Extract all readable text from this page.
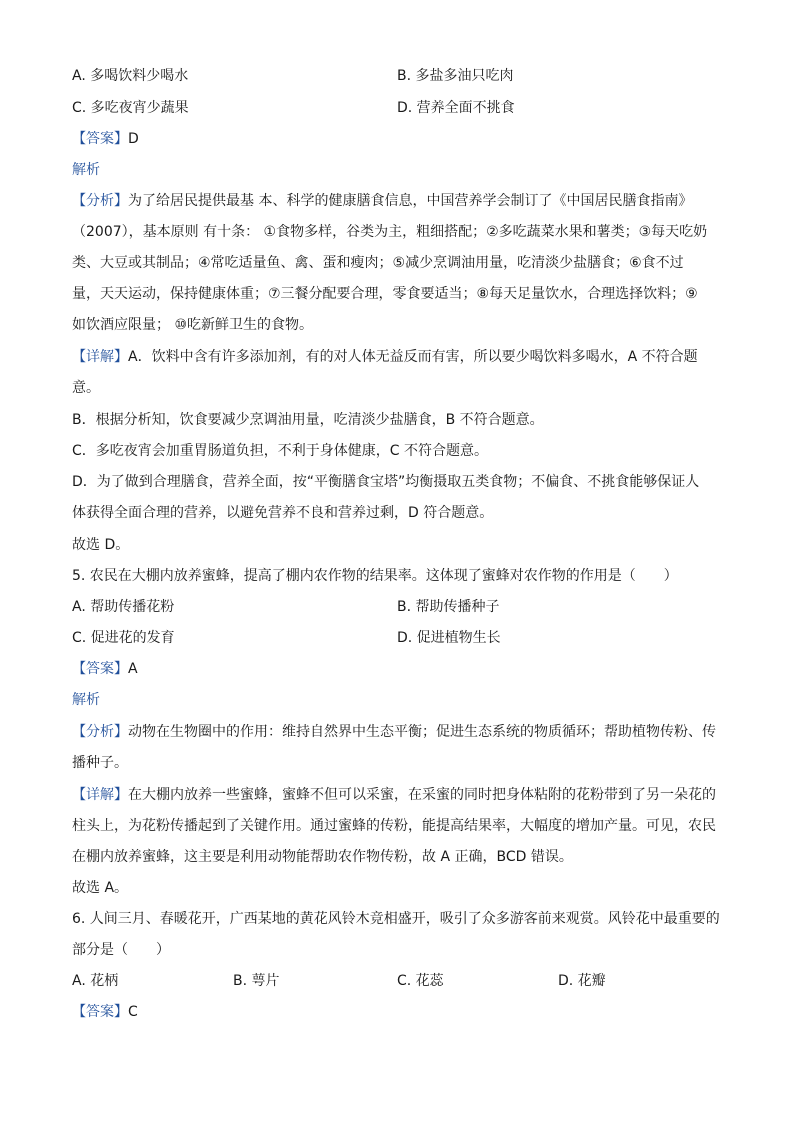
A. 多喝饮料少喝水	B. 多盐多油只吃肉
C. 多吃夜宵少蔬果	D. 营养全面不挑食
【答案】D
解析
【分析】为了给居民提供最基 本、科学的健康膳食信息，中国营养学会制订了《中国居民膳食指南》
（2007），基本原则 有十条： ①食物多样，谷类为主，粗细搭配；②多吃蔬菜水果和薯类；③每天吃奶
类、大豆或其制品；④常吃适量鱼、禽、蛋和瘦肉；⑤减少烹调油用量，吃清淡少盐膳食；⑥食不过
量，天天运动，保持健康体重；⑦三餐分配要合理，零食要适当；⑧每天足量饮水，合理选择饮料；⑨
如饮酒应限量； ⑩吃新鲜卫生的食物。
【详解】A．饮料中含有许多添加剂，有的对人体无益反而有害，所以要少喝饮料多喝水，A 不符合题
意。
B．根据分析知，饮食要减少烹调油用量，吃清淡少盐膳食，B 不符合题意。
C．多吃夜宵会加重胃肠道负担，不利于身体健康，C 不符合题意。
D．为了做到合理膳食，营养全面，按“平衡膳食宝塔”均衡摄取五类食物；不偏食、不挑食能够保证人
体获得全面合理的营养，以避免营养不良和营养过剩，D 符合题意。
故选 D。
5. 农民在大棚内放养蜜蜂，提高了棚内农作物的结果率。这体现了蜜蜂对农作物的作用是（　　）
A. 帮助传播花粉	B. 帮助传播种子
C. 促进花的发育	D. 促进植物生长
【答案】A
解析
【分析】动物在生物圈中的作用：维持自然界中生态平衡；促进生态系统的物质循环；帮助植物传粉、传
播种子。
【详解】在大棚内放养一些蜜蜂，蜜蜂不但可以采蜜，在采蜜的同时把身体粘附的花粉带到了另一朵花的
柱头上，为花粉传播起到了关键作用。通过蜜蜂的传粉，能提高结果率，大幅度的增加产量。可见，农民
在棚内放养蜜蜂，这主要是利用动物能帮助农作物传粉，故 A 正确，BCD 错误。
故选 A。
6. 人间三月、春暖花开，广西某地的黄花风铃木竞相盛开，吸引了众多游客前来观赏。风铃花中最重要的
部分是（　　）
A. 花柄	B. 萼片	C. 花蕊	D. 花瓣
【答案】C
